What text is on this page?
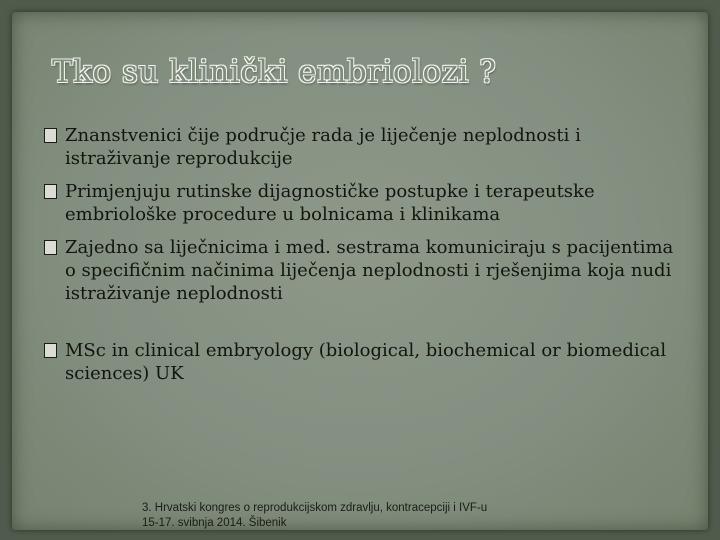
Tko su klinički embriolozi ?
Znanstvenici čije područje rada je liječenje neplodnosti i istraživanje reprodukcije
Primjenjuju rutinske dijagnostičke postupke i terapeutske embriološke procedure u bolnicama i klinikama
Zajedno sa liječnicima i med. sestrama komuniciraju s pacijentima o specifičnim načinima liječenja neplodnosti i rješenjima koja nudi istraživanje neplodnosti
MSc in clinical embryology (biological, biochemical or biomedical sciences) UK

3. Hrvatski kongres o reprodukcijskom zdravlju, kontracepciji i IVF-u
15-17. svibnja 2014. Šibenik
